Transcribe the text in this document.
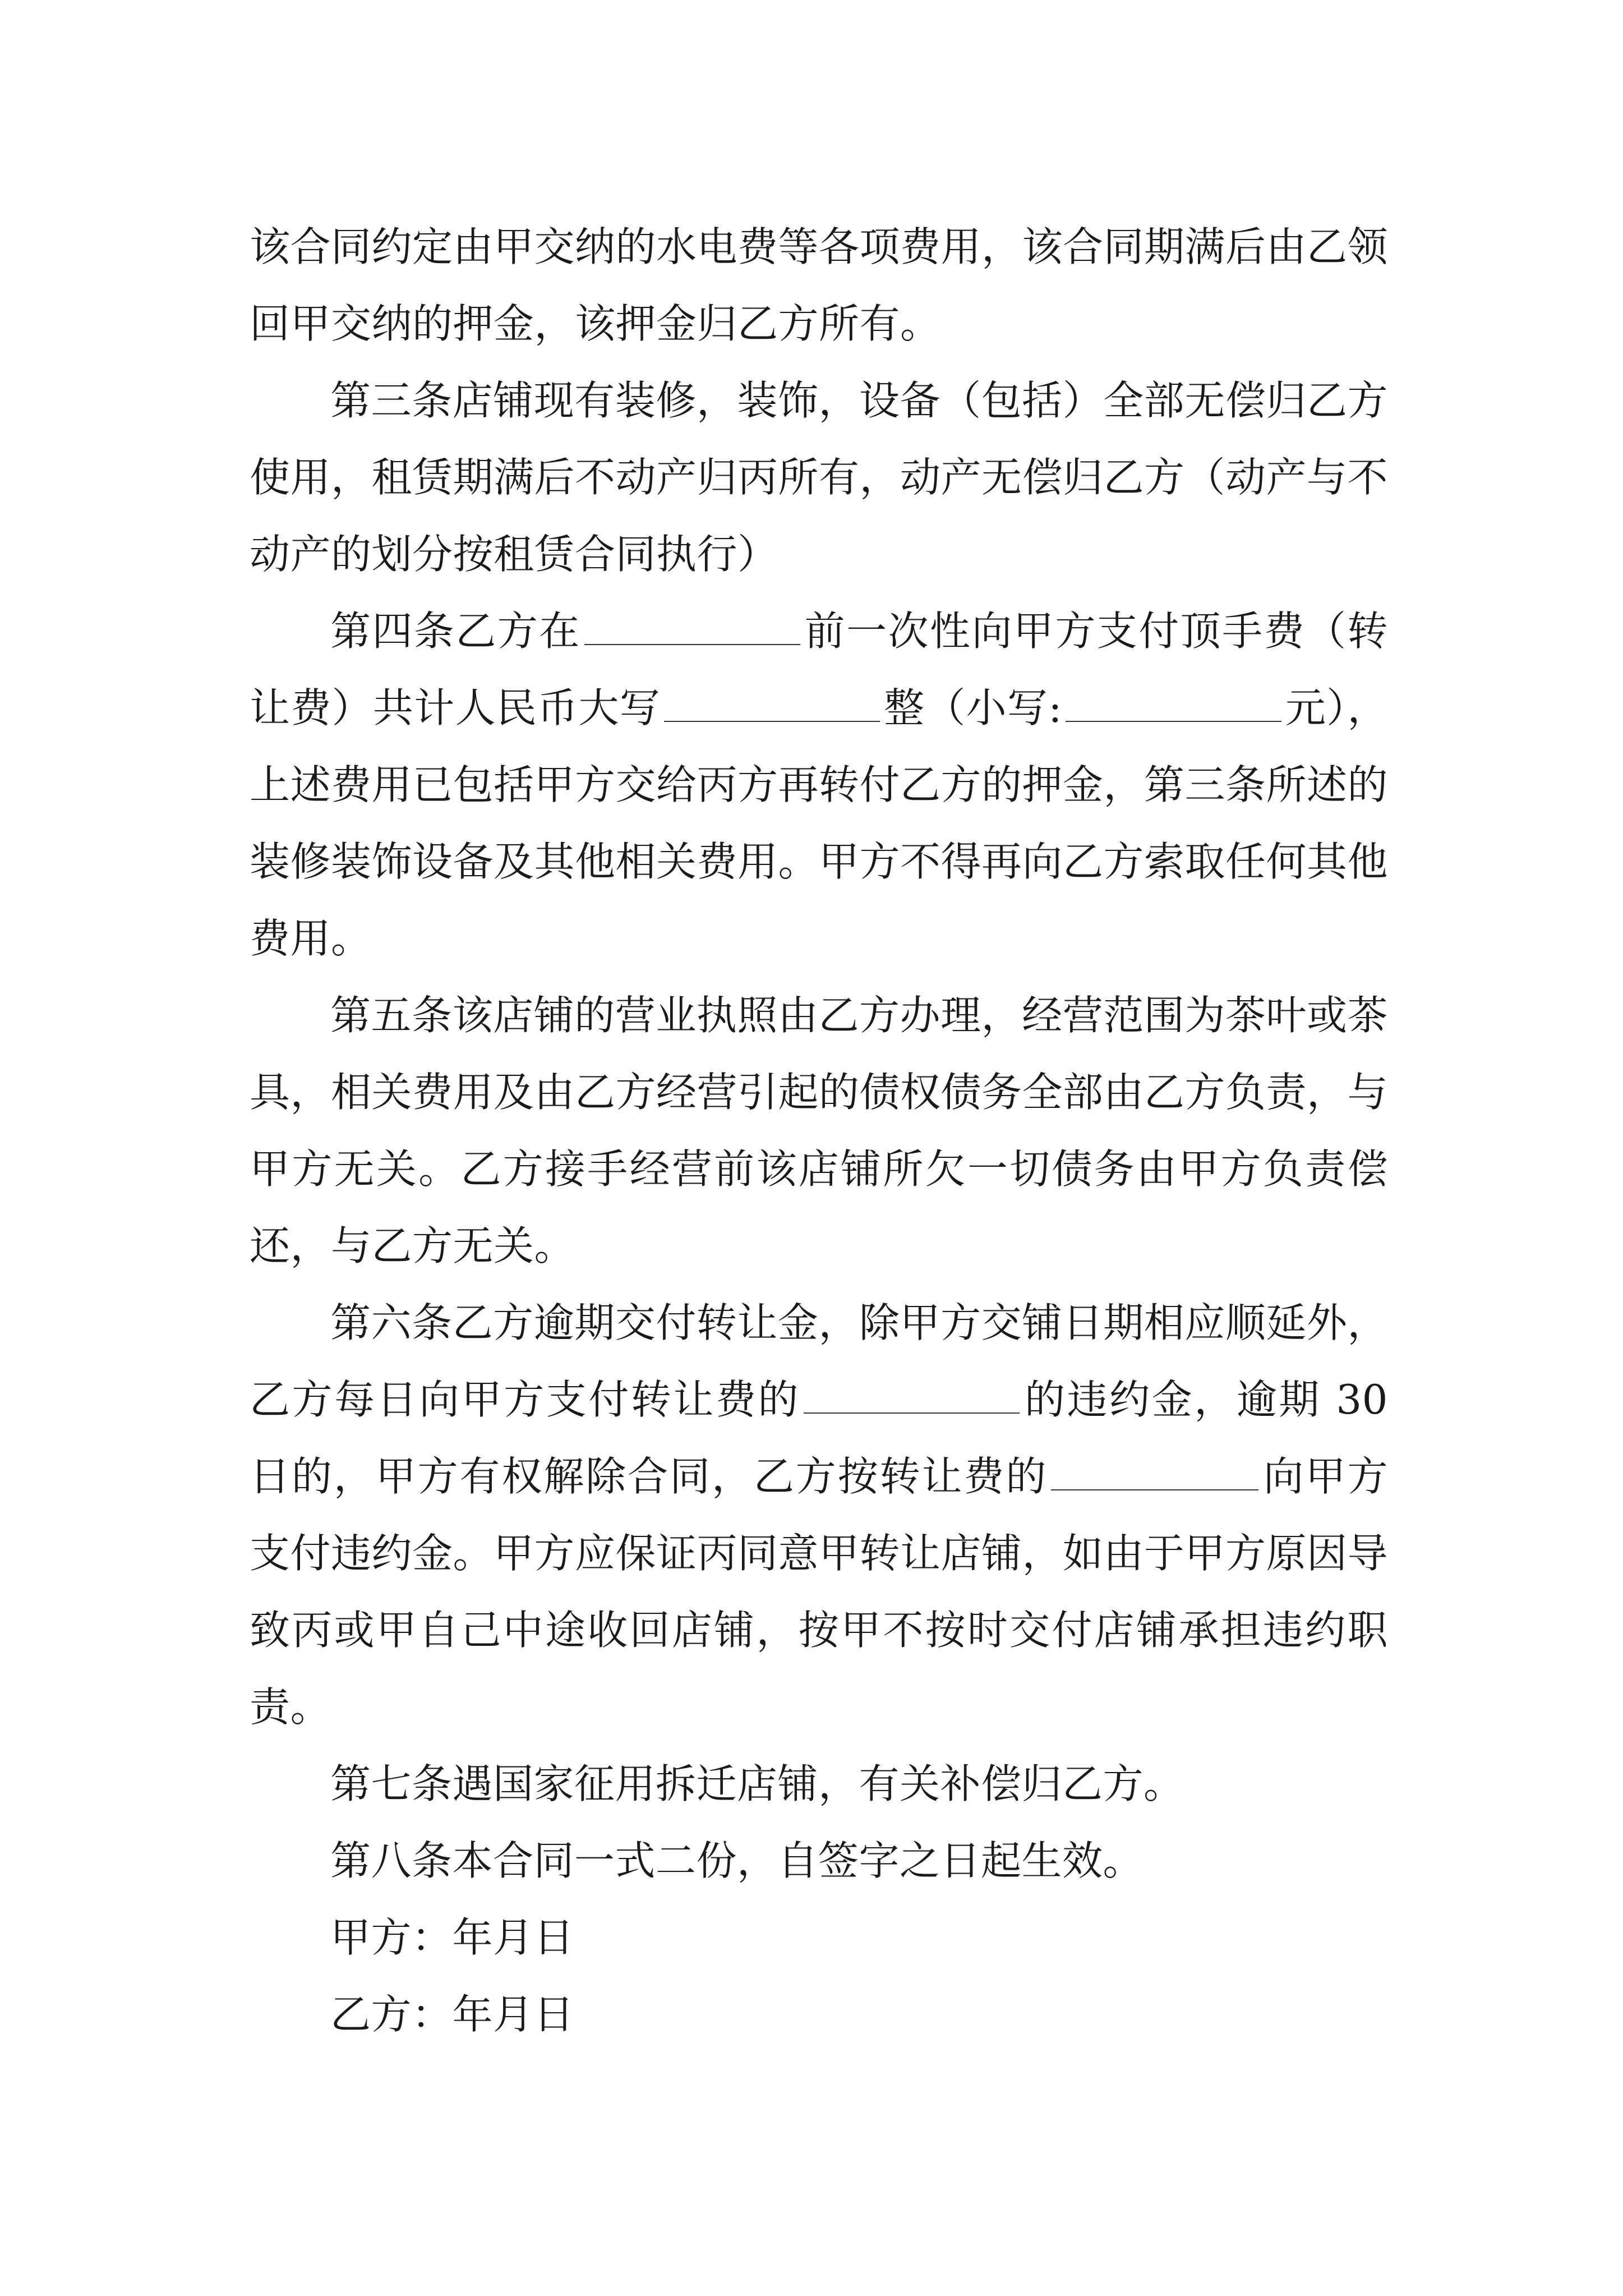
该合同约定由甲交纳的水电费等各项费用，该合同期满后由乙领回甲交纳的押金，该押金归乙方所有。

第三条店铺现有装修，装饰，设备（包括）全部无偿归乙方使用，租赁期满后不动产归丙所有，动产无偿归乙方（动产与不动产的划分按租赁合同执行）

第四条乙方在	前一次性向甲方支付顶手费（转让费）共计人民币大写	整（小写:	元），上述费用已包括甲方交给丙方再转付乙方的押金，第三条所述的装修装饰设备及其他相关费用。甲方不得再向乙方索取任何其他费用。

第五条该店铺的营业执照由乙方办理，经营范围为茶叶或茶具，相关费用及由乙方经营引起的债权债务全部由乙方负责，与甲方无关。乙方接手经营前该店铺所欠一切债务由甲方负责偿还，与乙方无关。

第六条乙方逾期交付转让金，除甲方交铺日期相应顺延外，乙方每日向甲方支付转让费的	的违约金，逾期 30 日的，甲方有权解除合同，乙方按转让费的	向甲方支付违约金。甲方应保证丙同意甲转让店铺，如由于甲方原因导致丙或甲自己中途收回店铺，按甲不按时交付店铺承担违约职责。

第七条遇国家征用拆迁店铺，有关补偿归乙方。

第八条本合同一式二份，自签字之日起生效。

甲方：年月日

乙方：年月日
